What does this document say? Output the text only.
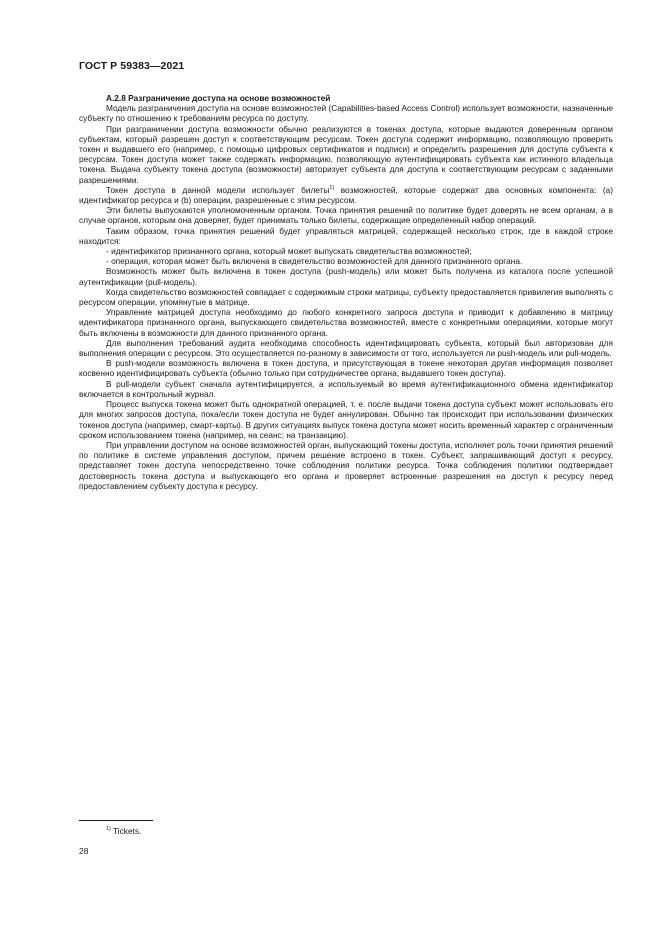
ГОСТ Р 59383—2021
А.2.8 Разграничение доступа на основе возможностей

Модель разграничения доступа на основе возможностей (Capabilities-based Access Control) использует возможности, назначенные субъекту по отношению к требованиям ресурса по доступу.

При разграничении доступа возможности обычно реализуются в токенах доступа, которые выдаются доверенным органом субъектам, который разрешен доступ к соответствующим ресурсам. Токен доступа содержит информацию, позволяющую проверить токен и выдавшего его (например, с помощью цифровых сертификатов и подписи) и определить разрешения для доступа субъекта к ресурсам. Токен доступа может также содержать информацию, позволяющую аутентифицировать субъекта как истинного владельца токена. Выдача субъекту токена доступа (возможности) авторизует субъекта для доступа к соответствующим ресурсам с заданными разрешениями.

Токен доступа в данной модели использует билеты$^{1)}$ возможностей, которые содержат два основных компонента: (а) идентификатор ресурса и (b) операции, разрешенные с этим ресурсом.

Эти билеты выпускаются уполномоченным органом. Точка принятия решений по политике будет доверять не всем органам, а в случае органов, которым она доверяет, будет принимать только билеты, содержащие определенный набор операций.

Таким образом, точка принятия решений будет управляться матрицей, содержащей несколько строк, где в каждой строке находится:

- идентификатор признанного органа, который может выпускать свидетельства возможностей;

- операция, которая может быть включена в свидетельство возможностей для данного признанного органа.

Возможность может быть включена в токен доступа (push-модель) или может быть получена из каталога после успешной аутентификации (pull-модель).

Когда свидетельство возможностей совпадает с содержимым строки матрицы, субъекту предоставляется привилегия выполнять с ресурсом операции, упомянутые в матрице.

Управление матрицей доступа необходимо до любого конкретного запроса доступа и приводит к добавлению в матрицу идентификатора признанного органа, выпускающего свидетельства возможностей, вместе с конкретными операциями, которые могут быть включены в возможности для данного признанного органа.

Для выполнения требований аудита необходима способность идентифицировать субъекта, который был авторизован для выполнения операции с ресурсом. Это осуществляется по-разному в зависимости от того, используется ли push-модель или pull-модель.

В push-модели возможность включена в токен доступа, и присутствующая в токене некоторая другая информация позволяет косвенно идентифицировать субъекта (обычно только при сотрудничестве органа, выдавшего токен доступа).

В pull-модели субъект сначала аутентифицируется, а используемый во время аутентификационного обмена идентификатор включается в контрольный журнал.

Процесс выпуска токена может быть однократной операцией, т. е. после выдачи токена доступа субъект может использовать его для многих запросов доступа, пока/если токен доступа не будет аннулирован. Обычно так происходит при использовании физических токенов доступа (например, смарт-карты). В других ситуациях выпуск токена доступа может носить временный характер с ограниченным сроком использованием токена (например, на сеанс; на транзакцию).

При управлении доступом на основе возможностей орган, выпускающий токены доступа, исполняет роль точки принятия решений по политике в системе управления доступом, причем решение встроено в токен. Субъект, запрашивающий доступ к ресурсу, представляет токен доступа непосредственно точке соблюдения политики ресурса. Точка соблюдения политики подтверждает достоверность токена доступа и выпускающего его органа и проверяет встроенные разрешения на доступ к ресурсу перед предоставлением субъекту доступа к ресурсу.

$^{1)}$ Tickets.
28
